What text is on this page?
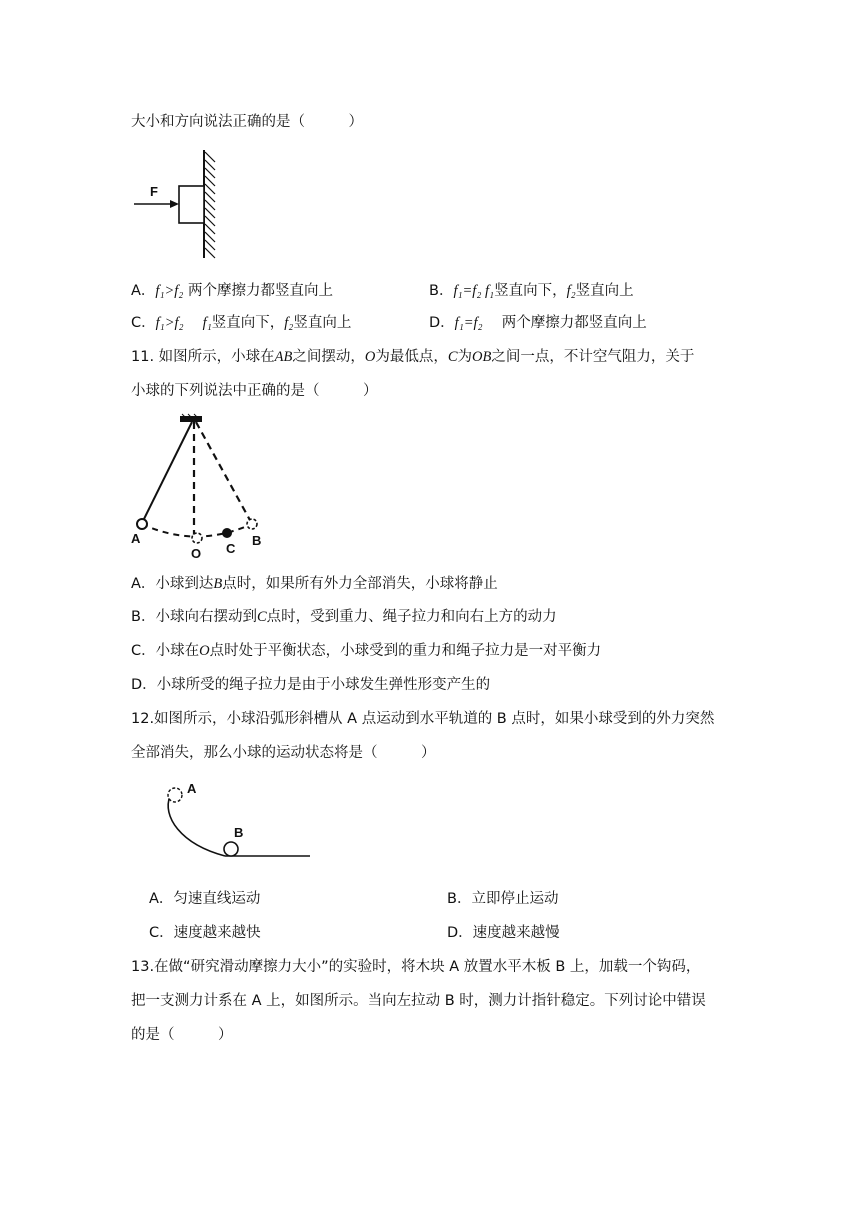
大小和方向说法正确的是（　　　）
F
A．f₁>f₂ 两个摩擦力都竖直向上	B．f₁=f₂ f₁竖直向下，f₂竖直向上
C．f₁>f₂　 f₁竖直向下，f₂竖直向上	D．f₁=f₂　 两个摩擦力都竖直向上
11. 如图所示，小球在AB之间摆动，O为最低点，C为OB之间一点，不计空气阻力，关于
小球的下列说法中正确的是（　　　）
A
O C
B
A．小球到达B点时，如果所有外力全部消失，小球将静止
B．小球向右摆动到C点时，受到重力、绳子拉力和向右上方的动力
C．小球在O点时处于平衡状态，小球受到的重力和绳子拉力是一对平衡力
D．小球所受的绳子拉力是由于小球发生弹性形变产生的
12.如图所示，小球沿弧形斜槽从 A 点运动到水平轨道的 B 点时，如果小球受到的外力突然
全部消失，那么小球的运动状态将是（　　　）
A
B
A．匀速直线运动	B．立即停止运动
C．速度越来越快	D．速度越来越慢
13.在做“研究滑动摩擦力大小”的实验时，将木块 A 放置水平木板 B 上，加载一个钩码，
把一支测力计系在 A 上，如图所示。当向左拉动 B 时，测力计指针稳定。下列讨论中错误
的是（　　　）
